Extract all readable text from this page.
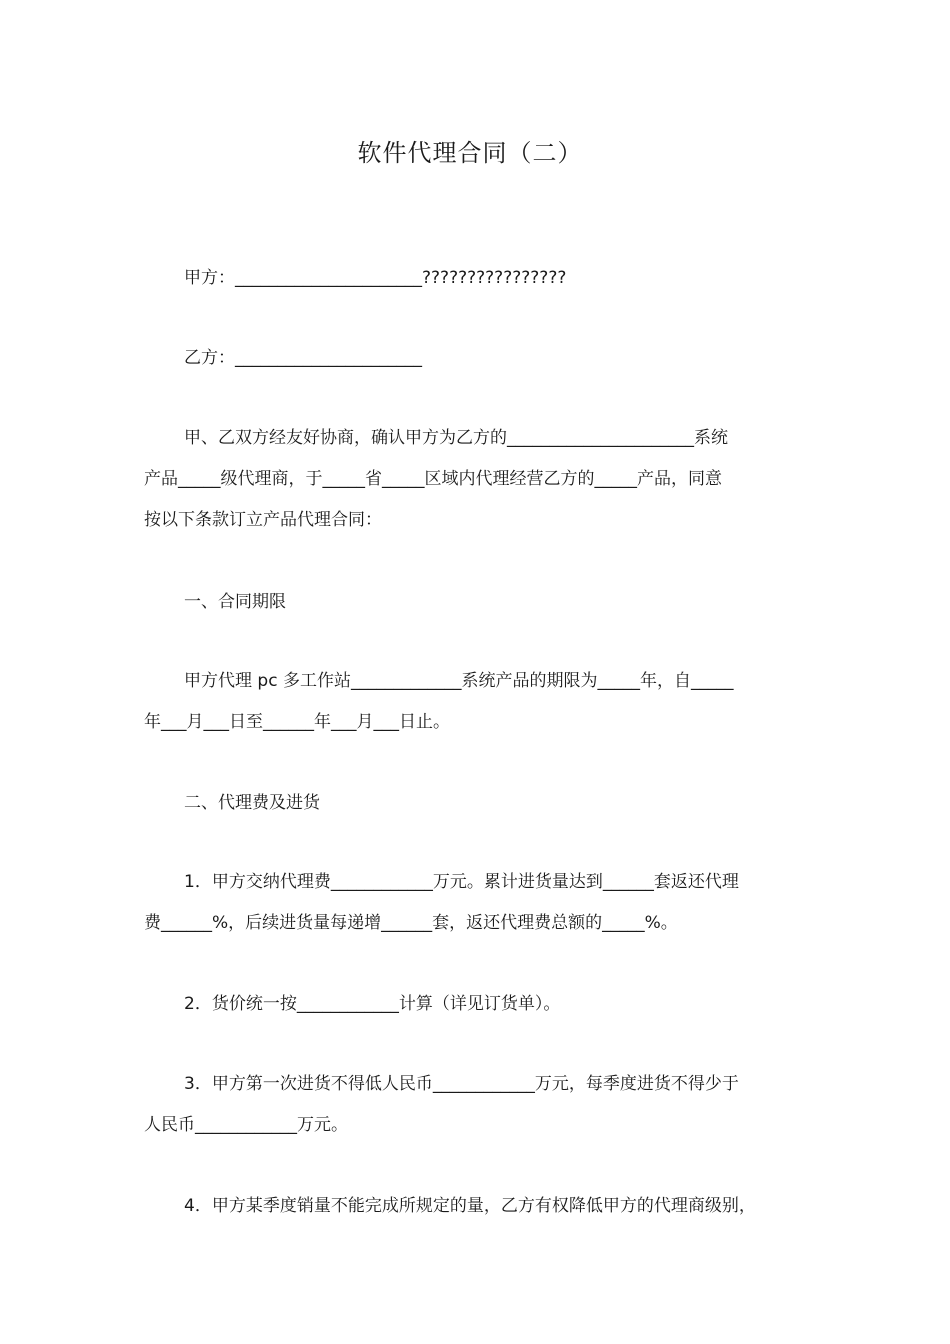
软件代理合同（二）
甲方：______________________????????????????
乙方：______________________
甲、乙双方经友好协商，确认甲方为乙方的______________________系统
产品_____级代理商，于_____省_____区域内代理经营乙方的_____产品，同意
按以下条款订立产品代理合同：
一、合同期限
甲方代理 pc 多工作站_____________系统产品的期限为_____年，自_____
年___月___日至______年___月___日止。
二、代理费及进货
1．甲方交纳代理费____________万元。累计进货量达到______套返还代理
费______%，后续进货量每递增______套，返还代理费总额的_____%。
2．货价统一按____________计算（详见订货单）。
3．甲方第一次进货不得低人民币____________万元，每季度进货不得少于
人民币____________万元。
4．甲方某季度销量不能完成所规定的量，乙方有权降低甲方的代理商级别，
